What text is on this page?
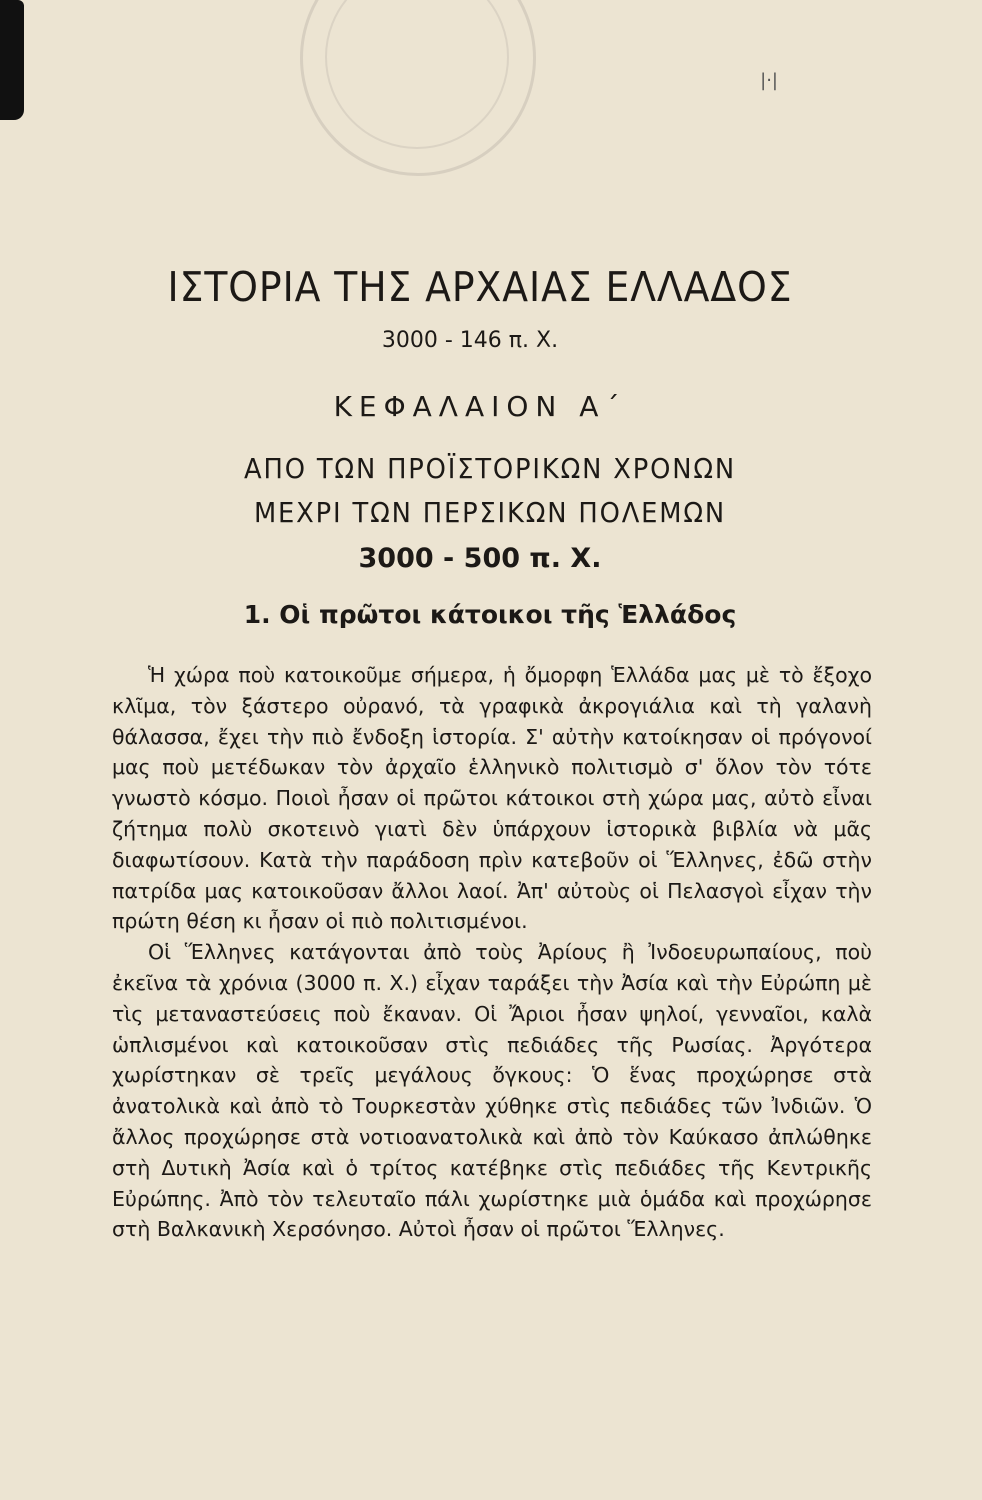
|·|
ΙΣΤΟΡΙΑ ΤΗΣ ΑΡΧΑΙΑΣ ΕΛΛΑΔΟΣ
3000 - 146 π. Χ.
ΚΕΦΑΛΑΙΟΝ Α΄
ΑΠΟ ΤΩΝ ΠΡΟΪΣΤΟΡΙΚΩΝ ΧΡΟΝΩΝ
ΜΕΧΡΙ ΤΩΝ ΠΕΡΣΙΚΩΝ ΠΟΛΕΜΩΝ
3000 - 500 π. Χ.
1. Οἱ πρῶτοι κάτοικοι τῆς Ἑλλάδος

Ἡ χώρα ποὺ κατοικοῦμε σήμερα, ἡ ὄμορφη Ἑλλάδα μας μὲ τὸ ἔξοχο κλῖμα, τὸν ξάστερο οὐρανό, τὰ γραφικὰ ἀκρογιάλια καὶ τὴ γαλανὴ θάλασσα, ἔχει τὴν πιὸ ἔνδοξη ἱστορία. Σ' αὐτὴν κατοίκησαν οἱ πρόγονοί μας ποὺ μετέδωκαν τὸν ἀρχαῖο ἑλληνικὸ πολιτισμὸ σ' ὅλον τὸν τότε γνωστὸ κόσμο. Ποιοὶ ἦσαν οἱ πρῶτοι κάτοικοι στὴ χώρα μας, αὐτὸ εἶναι ζήτημα πολὺ σκοτεινὸ γιατὶ δὲν ὑπάρχουν ἱστορικὰ βιβλία νὰ μᾶς διαφωτίσουν. Κατὰ τὴν παράδοση πρὶν κατεβοῦν οἱ Ἕλληνες, ἐδῶ στὴν πατρίδα μας κατοικοῦσαν ἄλλοι λαοί. Ἀπ' αὐτοὺς οἱ Πελασγοὶ εἶχαν τὴν πρώτη θέση κι ἦσαν οἱ πιὸ πολιτισμένοι.

Οἱ Ἕλληνες κατάγονται ἀπὸ τοὺς Ἀρίους ἢ Ἰνδοευρωπαίους, ποὺ ἐκεῖνα τὰ χρόνια (3000 π. Χ.) εἶχαν ταράξει τὴν Ἀσία καὶ τὴν Εὐρώπη μὲ τὶς μεταναστεύσεις ποὺ ἔκαναν. Οἱ Ἄριοι ἦσαν ψηλοί, γενναῖοι, καλὰ ὡπλισμένοι καὶ κατοικοῦσαν στὶς πεδιάδες τῆς Ρωσίας. Ἀργότερα χωρίστηκαν σὲ τρεῖς μεγάλους ὄγκους: Ὁ ἕνας προχώρησε στὰ ἀνατολικὰ καὶ ἀπὸ τὸ Τουρκεστὰν χύθηκε στὶς πεδιάδες τῶν Ἰνδιῶν. Ὁ ἄλλος προχώρησε στὰ νοτιοανατολικὰ καὶ ἀπὸ τὸν Καύκασο ἀπλώθηκε στὴ Δυτικὴ Ἀσία καὶ ὁ τρίτος κατέβηκε στὶς πεδιάδες τῆς Κεντρικῆς Εὐρώπης. Ἀπὸ τὸν τελευταῖο πάλι χωρίστηκε μιὰ ὁμάδα καὶ προχώρησε στὴ Βαλκανικὴ Χερσόνησο. Αὐτοὶ ἦσαν οἱ πρῶτοι Ἕλληνες.
